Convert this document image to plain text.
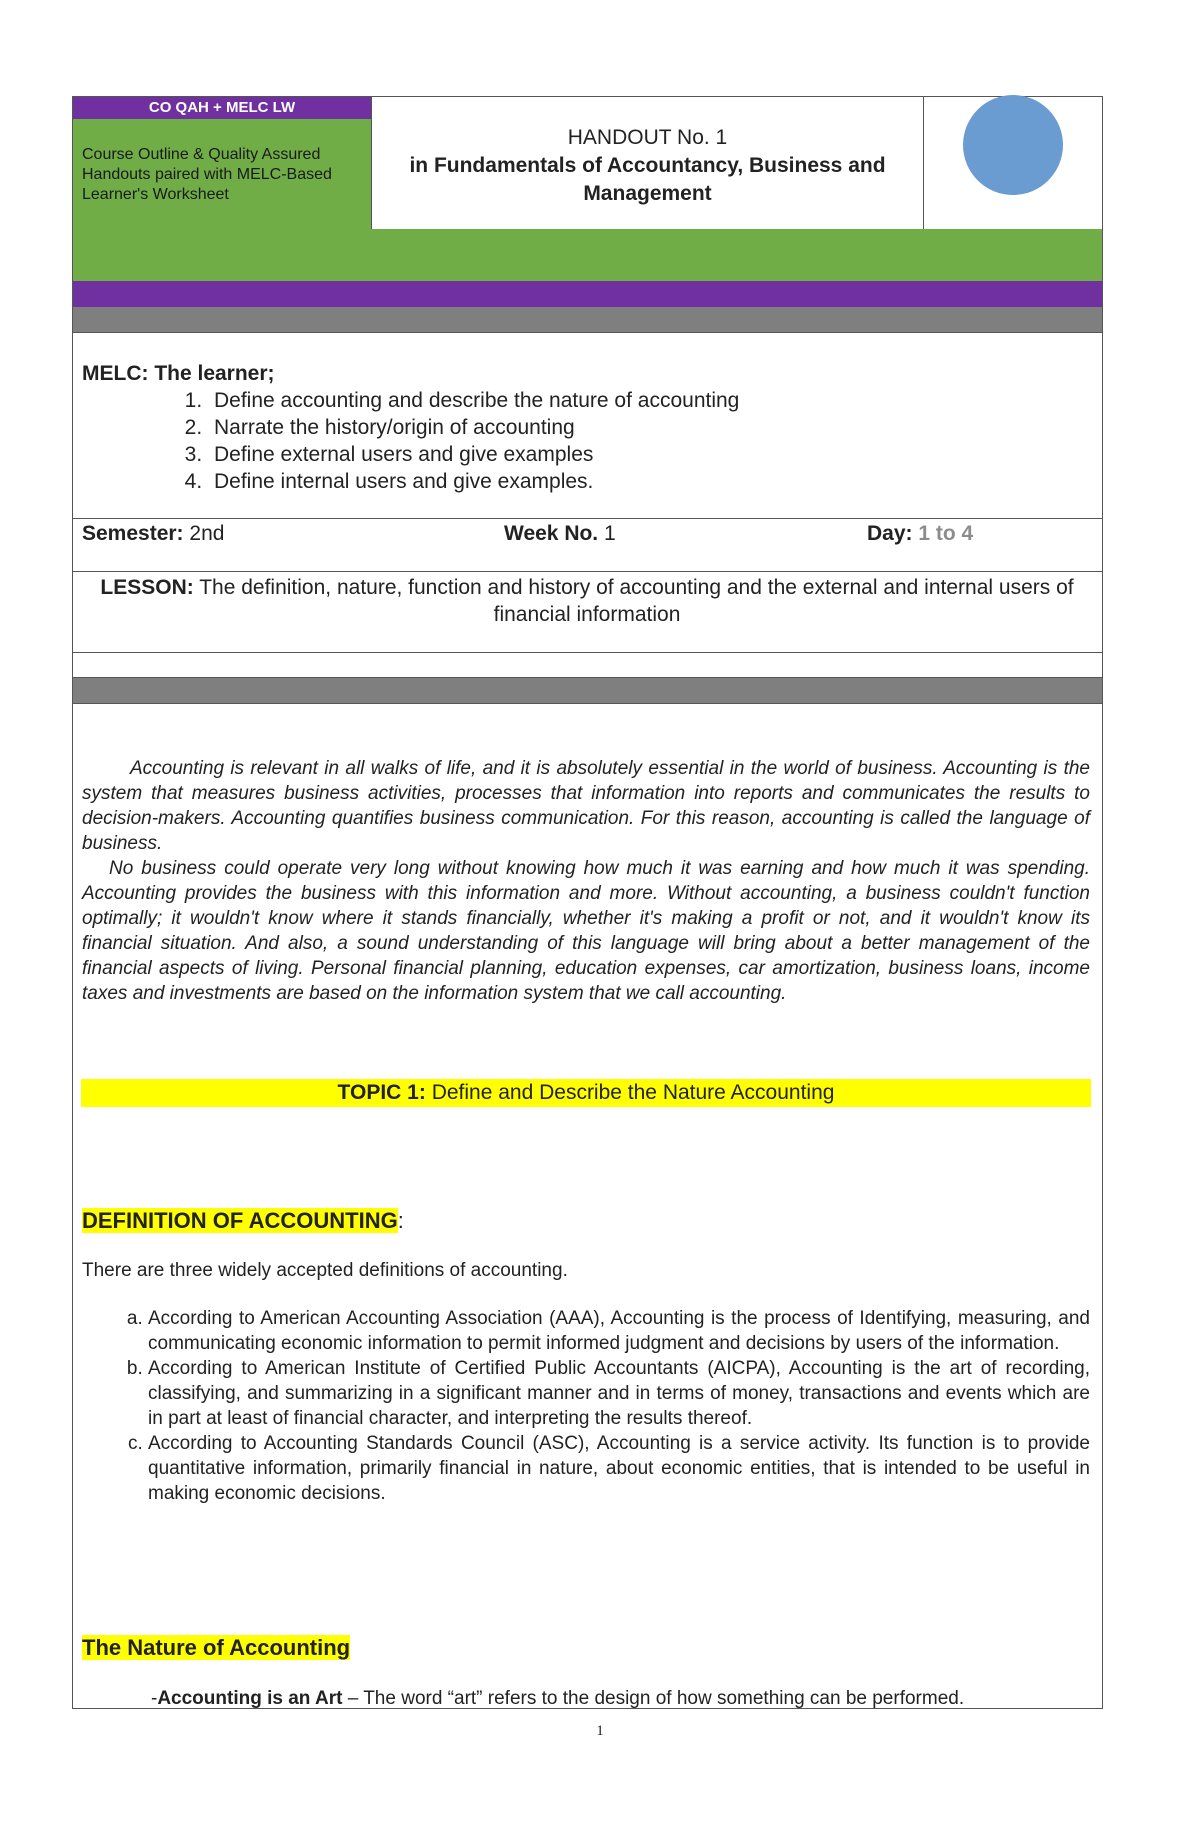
CO QAH + MELC LW
Course Outline & Quality Assured Handouts paired with MELC-Based Learner's Worksheet
HANDOUT No. 1
in Fundamentals of Accountancy, Business and Management
MELC: The learner;
1. Define accounting and describe the nature of accounting
2. Narrate the history/origin of accounting
3. Define external users and give examples
4. Define internal users and give examples.
Semester: 2nd	Week No. 1	Day: 1 to 4
LESSON: The definition, nature, function and history of accounting and the external and internal users of financial information

Accounting is relevant in all walks of life, and it is absolutely essential in the world of business. Accounting is the system that measures business activities, processes that information into reports and communicates the results to decision-makers. Accounting quantifies business communication. For this reason, accounting is called the language of business.

No business could operate very long without knowing how much it was earning and how much it was spending. Accounting provides the business with this information and more. Without accounting, a business couldn't function optimally; it wouldn't know where it stands financially, whether it's making a profit or not, and it wouldn't know its financial situation. And also, a sound understanding of this language will bring about a better management of the financial aspects of living. Personal financial planning, education expenses, car amortization, business loans, income taxes and investments are based on the information system that we call accounting.

TOPIC 1: Define and Describe the Nature Accounting
DEFINITION OF ACCOUNTING:
There are three widely accepted definitions of accounting.
a. According to American Accounting Association (AAA), Accounting is the process of Identifying, measuring, and communicating economic information to permit informed judgment and decisions by users of the information.
b. According to American Institute of Certified Public Accountants (AICPA), Accounting is the art of recording, classifying, and summarizing in a significant manner and in terms of money, transactions and events which are in part at least of financial character, and interpreting the results thereof.
c. According to Accounting Standards Council (ASC), Accounting is a service activity. Its function is to provide quantitative information, primarily financial in nature, about economic entities, that is intended to be useful in making economic decisions.
The Nature of Accounting
-Accounting is an Art – The word “art” refers to the design of how something can be performed.
1
